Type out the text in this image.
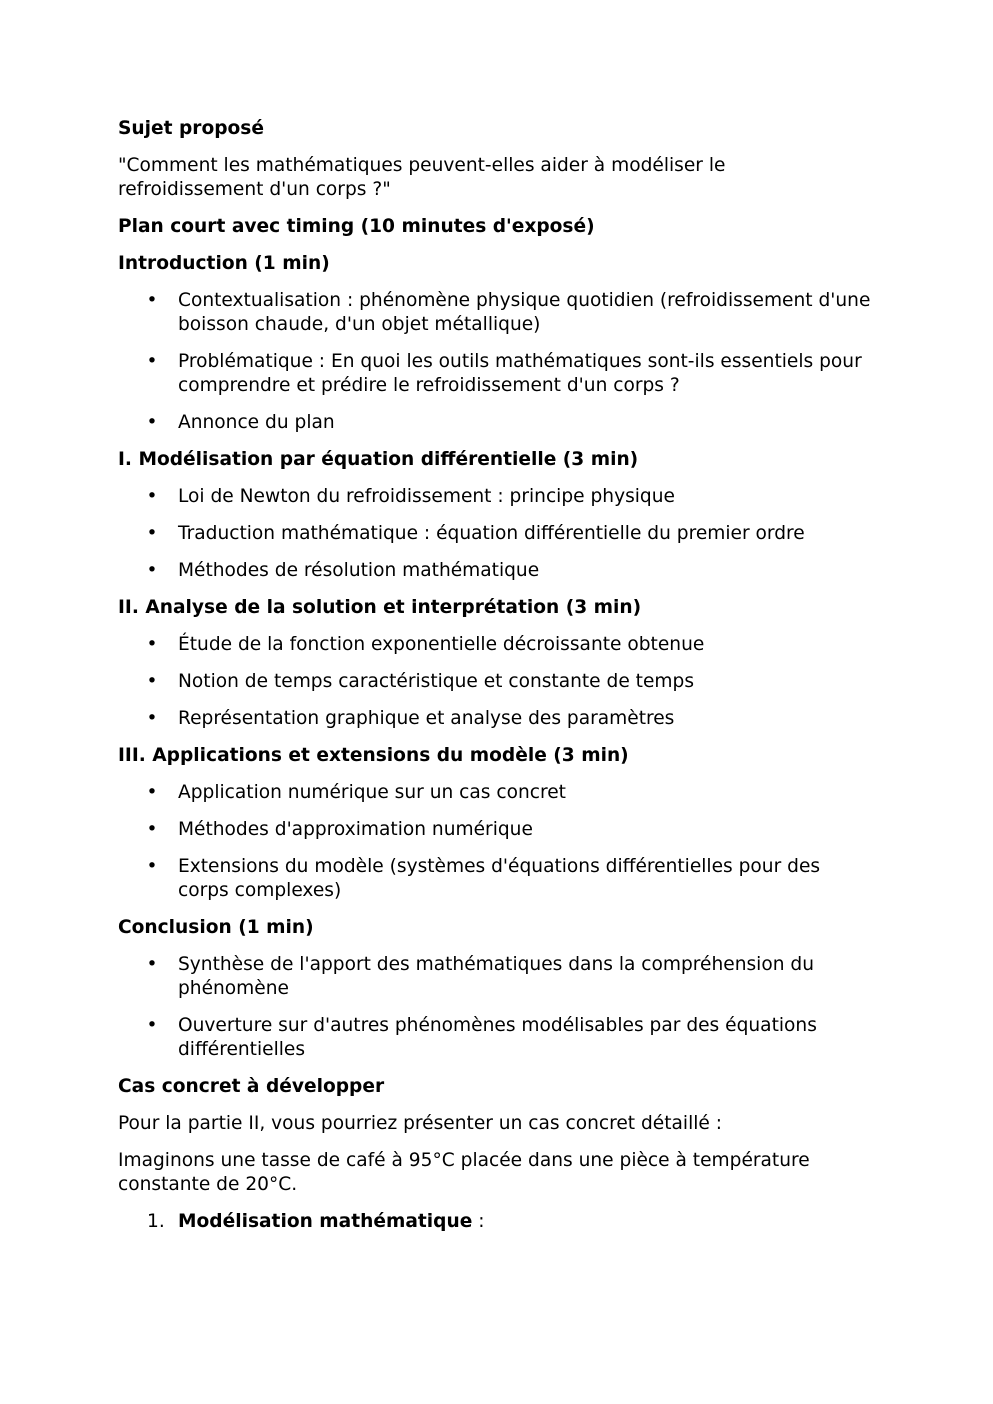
Sujet proposé

"Comment les mathématiques peuvent-elles aider à modéliser le refroidissement d'un corps ?"

Plan court avec timing (10 minutes d'exposé)
Introduction (1 min)
• Contextualisation : phénomène physique quotidien (refroidissement d'une boisson chaude, d'un objet métallique)
• Problématique : En quoi les outils mathématiques sont-ils essentiels pour comprendre et prédire le refroidissement d'un corps ?
• Annonce du plan
I. Modélisation par équation différentielle (3 min)
• Loi de Newton du refroidissement : principe physique
• Traduction mathématique : équation différentielle du premier ordre
• Méthodes de résolution mathématique
II. Analyse de la solution et interprétation (3 min)
• Étude de la fonction exponentielle décroissante obtenue
• Notion de temps caractéristique et constante de temps
• Représentation graphique et analyse des paramètres
III. Applications et extensions du modèle (3 min)
• Application numérique sur un cas concret
• Méthodes d'approximation numérique
• Extensions du modèle (systèmes d'équations différentielles pour des corps complexes)
Conclusion (1 min)
• Synthèse de l'apport des mathématiques dans la compréhension du phénomène
• Ouverture sur d'autres phénomènes modélisables par des équations différentielles
Cas concret à développer

Pour la partie II, vous pourriez présenter un cas concret détaillé :

Imaginons une tasse de café à 95°C placée dans une pièce à température constante de 20°C.

1. Modélisation mathématique :
